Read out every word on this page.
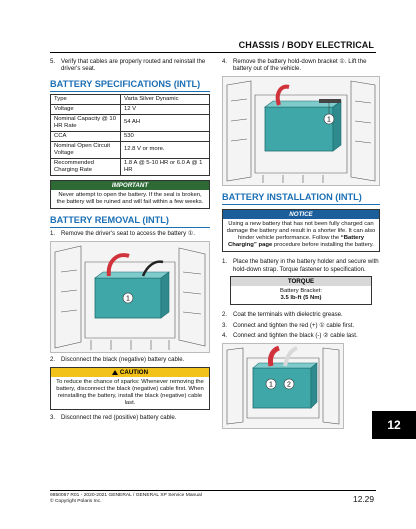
CHASSIS / BODY ELECTRICAL
5. Verify that cables are properly routed and reinstall the driver's seat.
BATTERY SPECIFICATIONS (INTL)
Type	Varta Silver Dynamic
Voltage	12 V
Nominal Capacity @ 10 HR Rate	54 AH
CCA	530
Nominal Open Circuit Voltage	12.8 V or more.
Recommended Charging Rate	1.8 A @ 5-10 HR or 6.0 A @ 1 HR
IMPORTANT
Never attempt to open the battery. If the seal is broken, the battery will be ruined and will fail within a few weeks.
BATTERY REMOVAL (INTL)
1. Remove the driver's seat to access the battery ①.
1
2. Disconnect the black (negative) battery cable.
CAUTION
To reduce the chance of sparks: Whenever removing the battery, disconnect the black (negative) cable first. When reinstalling the battery, install the black (negative) cable last.
3. Disconnect the red (positive) battery cable.
4. Remove the battery hold-down bracket ①. Lift the battery out of the vehicle.
1
BATTERY INSTALLATION (INTL)
NOTICE
Using a new battery that has not been fully charged can damage the battery and result in a shorter life. It can also hinder vehicle performance. Follow the “Battery Charging” page procedure before installing the battery.
1. Place the battery in the battery holder and secure with hold-down strap. Torque fastener to specification.
TORQUE
Battery Bracket:
3.5 lb-ft (5 Nm)
2. Coat the terminals with dielectric grease.
3. Connect and tighten the red (+) ① cable first.
4. Connect and tighten the black (-) ② cable last.
1 2
12
9850067 R01 - 2020-2021 GENERAL / GENERAL XP Service Manual
© Copyright Polaris Inc.	12.29
